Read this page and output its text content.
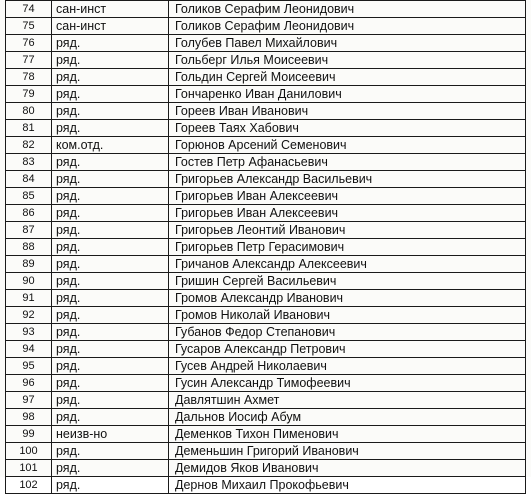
74	сан-инст	Голиков Серафим Леонидович
75	сан-инст	Голиков Серафим Леонидович
76	ряд.	Голубев Павел Михайлович
77	ряд.	Гольберг Илья Моисеевич
78	ряд.	Гольдин Сергей Моисеевич
79	ряд.	Гончаренко Иван Данилович
80	ряд.	Гореев Иван Иванович
81	ряд.	Гореев Таях Хабович
82	ком.отд.	Горюнов Арсений Семенович
83	ряд.	Гостев Петр Афанасьевич
84	ряд.	Григорьев Александр Васильевич
85	ряд.	Григорьев Иван Алексеевич
86	ряд.	Григорьев Иван Алексеевич
87	ряд.	Григорьев Леонтий Иванович
88	ряд.	Григорьев Петр Герасимович
89	ряд.	Гричанов Александр Алексеевич
90	ряд.	Гришин Сергей Васильевич
91	ряд.	Громов Александр Иванович
92	ряд.	Громов Николай Иванович
93	ряд.	Губанов Федор Степанович
94	ряд.	Гусаров Александр Петрович
95	ряд.	Гусев Андрей Николаевич
96	ряд.	Гусин Александр Тимофеевич
97	ряд.	Давлятшин Ахмет
98	ряд.	Дальнов Иосиф Абум
99	неизв-но	Деменков Тихон Пименович
100	ряд.	Деменьшин Григорий Иванович
101	ряд.	Демидов Яков Иванович
102	ряд.	Дернов Михаил Прокофьевич
